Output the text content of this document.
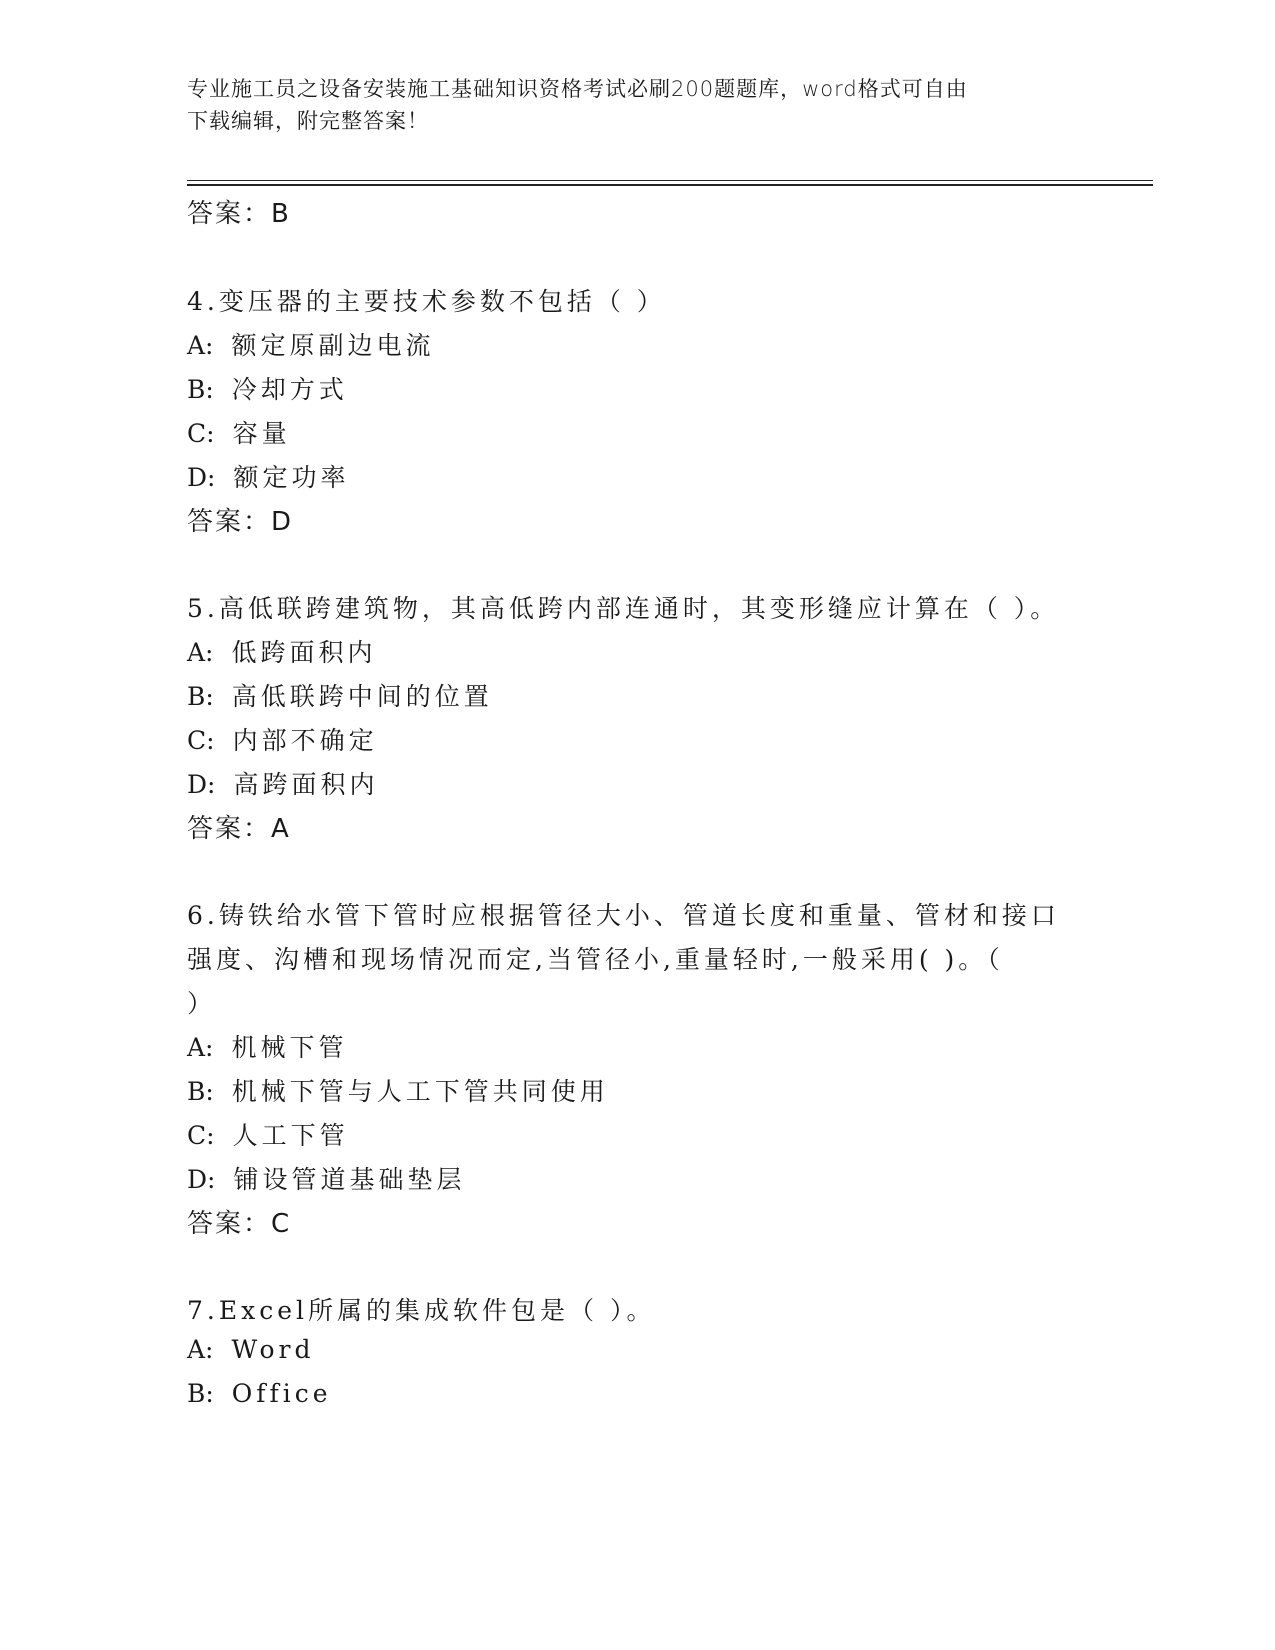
专业施工员之设备安装施工基础知识资格考试必刷200题题库，word格式可自由
下载编辑，附完整答案！
答案：B
4.变压器的主要技术参数不包括（ ）
A: 额定原副边电流
B: 冷却方式
C: 容量
D: 额定功率
答案：D
5.高低联跨建筑物，其高低跨内部连通时，其变形缝应计算在（ ）。
A: 低跨面积内
B: 高低联跨中间的位置
C: 内部不确定
D: 高跨面积内
答案：A
6.铸铁给水管下管时应根据管径大小、管道长度和重量、管材和接口
强度、沟槽和现场情况而定,当管径小,重量轻时,一般采用( )。（
）
A: 机械下管
B: 机械下管与人工下管共同使用
C: 人工下管
D: 铺设管道基础垫层
答案：C
7.Excel所属的集成软件包是（ ）。
A: Word
B: Office
